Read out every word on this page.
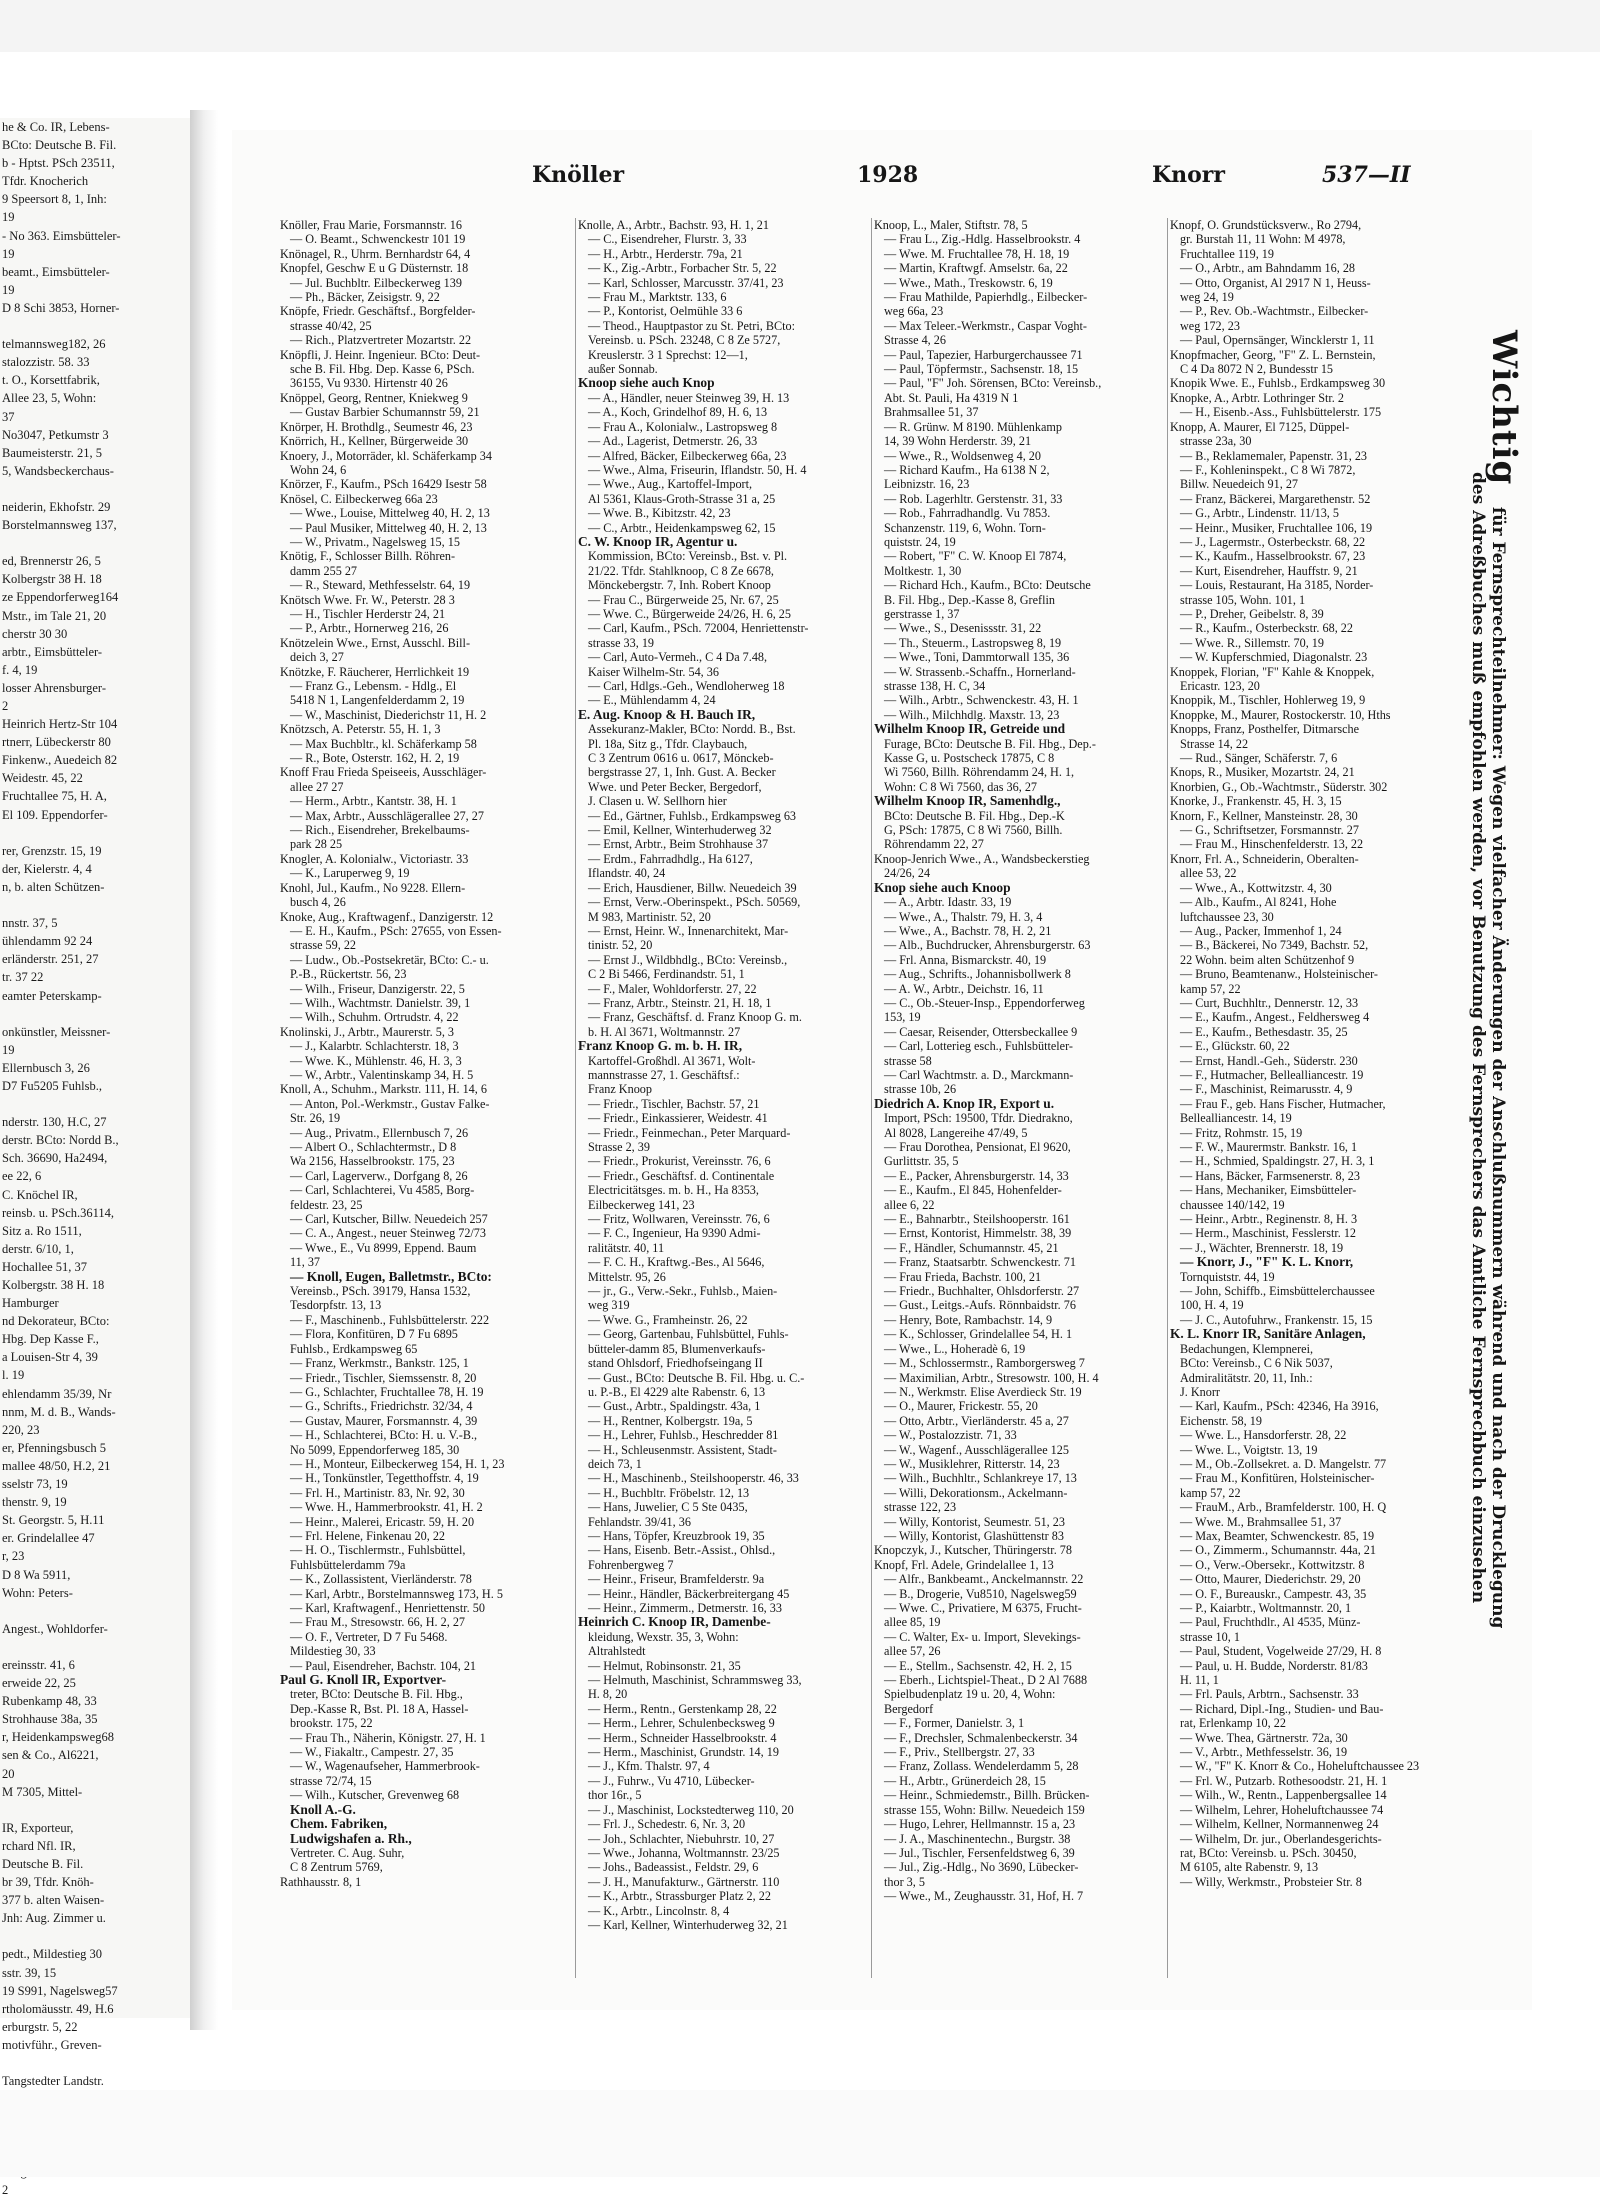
he & Co. IR, Lebens-
BCto: Deutsche B. Fil.
b - Hptst. PSch 23511,
Tfdr. Knocherich
9 Speersort 8, 1, Inh:
19
- No 363. Eimsbütteler-
19
beamt., Eimsbütteler-
19
D 8 Schi 3853, Horner-

telmannsweg182, 26
stalozzistr. 58. 33
t. O., Korsettfabrik,
Allee 23, 5, Wohn:
37
No3047, Petkumstr 3
Baumeisterstr. 21, 5
5, Wandsbeckerchaus-

neiderin, Ekhofstr. 29
Borstelmannsweg 137,

ed, Brennerstr 26, 5
Kolbergstr 38 H. 18
ze Eppendorferweg164
Mstr., im Tale 21, 20
cherstr 30 30
arbtr., Eimsbütteler-
f. 4, 19
losser Ahrensburger-
2
Heinrich Hertz-Str 104
rtnerr, Lübeckerstr 80
Finkenw., Auedeich 82
Weidestr. 45, 22
Fruchtallee 75, H. A,
El 109. Eppendorfer-

rer, Grenzstr. 15, 19
der, Kielerstr. 4, 4
n, b. alten Schützen-

nnstr. 37, 5
ühlendamm 92 24
erländerstr. 251, 27
tr. 37 22
eamter Peterskamp-

onkünstler, Meissner-
19
Ellernbusch 3, 26
D7 Fu5205 Fuhlsb.,

nderstr. 130, H.C, 27
derstr. BCto: Nordd B.,
Sch. 36690, Ha2494,
ee 22, 6
C. Knöchel IR,
reinsb. u. PSch.36114,
Sitz a. Ro 1511,
derstr. 6/10, 1,
Hochallee 51, 37
Kolbergstr. 38 H. 18
Hamburger
nd Dekorateur, BCto:
Hbg. Dep Kasse F.,
a Louisen-Str 4, 39
l. 19
ehlendamm 35/39, Nr
nnm, M. d. B., Wands-
220, 23
er, Pfenningsbusch 5
mallee 48/50, H.2, 21
sselstr 73, 19
thenstr. 9, 19
St. Georgstr. 5, H.11
er. Grindelallee 47
r, 23
D 8 Wa 5911,
Wohn: Peters-

Angest., Wohldorfer-

ereinsstr. 41, 6
erweide 22, 25
Rubenkamp 48, 33
Strohhause 38a, 35
r, Heidenkampsweg68
sen & Co., Al6221,
20
M 7305, Mittel-

IR, Exporteur,
rchard Nfl. IR,
Deutsche B. Fil.
br 39, Tfdr. Knöh-
377 b. alten Waisen-
Jnh: Aug. Zimmer u.

pedt., Mildestieg 30
sstr. 39, 15
19 S991, Nagelsweg57
rtholomäusstr. 49, H.6
erburgstr. 5, 22
motivführ., Greven-

Tangstedter Landstr.
2
Knöller	1928	Knorr	537—II
Knöller, Frau Marie, Forsmannstr. 16
— O. Beamt., Schwenckestr 101 19
Knönagel, R., Uhrm. Bernhardstr 64, 4
Knopfel, Geschw E u G Düsternstr. 18
— Jul. Buchbltr. Eilbeckerweg 139
— Ph., Bäcker, Zeisigstr. 9, 22
Knöpfe, Friedr. Geschäftsf., Borgfelder-
strasse 40/42, 25
— Rich., Platzvertreter Mozartstr. 22
Knöpfli, J. Heinr. Ingenieur. BCto: Deut-
sche B. Fil. Hbg. Dep. Kasse 6, PSch.
36155, Vu 9330. Hirtenstr 40 26
Knöppel, Georg, Rentner, Kniekweg 9
— Gustav Barbier Schumannstr 59, 21
Knörper, H. Brothdlg., Seumestr 46, 23
Knörrich, H., Kellner, Bürgerweide 30
Knoery, J., Motorräder, kl. Schäferkamp 34
Wohn 24, 6
Knörzer, F., Kaufm., PSch 16429 Isestr 58
Knösel, C. Eilbeckerweg 66a 23
— Wwe., Louise, Mittelweg 40, H. 2, 13
— Paul Musiker, Mittelweg 40, H. 2, 13
— W., Privatm., Nagelsweg 15, 15
Knötig, F., Schlosser Billh. Röhren-
damm 255 27
— R., Steward, Methfesselstr. 64, 19
Knötsch Wwe. Fr. W., Peterstr. 28 3
— H., Tischler Herderstr 24, 21
— P., Arbtr., Hornerweg 216, 26
Knötzelein Wwe., Ernst, Ausschl. Bill-
deich 3, 27
Knötzke, F. Räucherer, Herrlichkeit 19
— Franz G., Lebensm. - Hdlg., El
5418 N 1, Langenfelderdamm 2, 19
— W., Maschinist, Diederichstr 11, H. 2
Knötzsch, A. Peterstr. 55, H. 1, 3
— Max Buchbltr., kl. Schäferkamp 58
— R., Bote, Osterstr. 162, H. 2, 19
Knoff Frau Frieda Speiseeis, Ausschläger-
allee 27 27
— Herm., Arbtr., Kantstr. 38, H. 1
— Max, Arbtr., Ausschlägerallee 27, 27
— Rich., Eisendreher, Brekelbaums-
park 28 25
Knogler, A. Kolonialw., Victoriastr. 33
— K., Laruperweg 9, 19
Knohl, Jul., Kaufm., No 9228. Ellern-
busch 4, 26
Knoke, Aug., Kraftwagenf., Danzigerstr. 12
— E. H., Kaufm., PSch: 27655, von Essen-
strasse 59, 22
— Ludw., Ob.-Postsekretär, BCto: C.- u.
P.-B., Rückertstr. 56, 23
— Wilh., Friseur, Danzigerstr. 22, 5
— Wilh., Wachtmstr. Danielstr. 39, 1
— Wilh., Schuhm. Ortrudstr. 4, 22
Knolinski, J., Arbtr., Maurerstr. 5, 3
— J., Kalarbtr. Schlachterstr. 18, 3
— Wwe. K., Mühlenstr. 46, H. 3, 3
— W., Arbtr., Valentinskamp 34, H. 5
Knoll, A., Schuhm., Markstr. 111, H. 14, 6
— Anton, Pol.-Werkmstr., Gustav Falke-
Str. 26, 19
— Aug., Privatm., Ellernbusch 7, 26
— Albert O., Schlachtermstr., D 8
Wa 2156, Hasselbrookstr. 175, 23
— Carl, Lagerverw., Dorfgang 8, 26
— Carl, Schlachterei, Vu 4585, Borg-
feldestr. 23, 25
— Carl, Kutscher, Billw. Neuedeich 257
— C. A., Angest., neuer Steinweg 72/73
— Wwe., E., Vu 8999, Eppend. Baum
11, 37
— Knoll, Eugen, Balletmstr., BCto:
Vereinsb., PSch. 39179, Hansa 1532,
Tesdorpfstr. 13, 13
— F., Maschinenb., Fuhlsbüttelerstr. 222
— Flora, Konfitüren, D 7 Fu 6895
Fuhlsb., Erdkampsweg 65
— Franz, Werkmstr., Bankstr. 125, 1
— Friedr., Tischler, Siemssenstr. 8, 20
— G., Schlachter, Fruchtallee 78, H. 19
— G., Schrifts., Friedrichstr. 32/34, 4
— Gustav, Maurer, Forsmannstr. 4, 39
— H., Schlachterei, BCto: H. u. V.-B.,
No 5099, Eppendorferweg 185, 30
— H., Monteur, Eilbeckerweg 154, H. 1, 23
— H., Tonkünstler, Tegetthoffstr. 4, 19
— Frl. H., Martinistr. 83, Nr. 92, 30
— Wwe. H., Hammerbrookstr. 41, H. 2
— Heinr., Malerei, Ericastr. 59, H. 20
— Frl. Helene, Finkenau 20, 22
— H. O., Tischlermstr., Fuhlsbüttel,
Fuhlsbüttelerdamm 79a
— K., Zollassistent, Vierländerstr. 78
— Karl, Arbtr., Borstelmannsweg 173, H. 5
— Karl, Kraftwagenf., Henriettenstr. 50
— Frau M., Stresowstr. 66, H. 2, 27
— O. F., Vertreter, D 7 Fu 5468.
Mildestieg 30, 33
— Paul, Eisendreher, Bachstr. 104, 21
Paul G. Knoll IR, Exportver-
treter, BCto: Deutsche B. Fil. Hbg.,
Dep.-Kasse R, Bst. Pl. 18 A, Hassel-
brookstr. 175, 22
— Frau Th., Näherin, Königstr. 27, H. 1
— W., Fiakaltr., Campestr. 27, 35
— W., Wagenaufseher, Hammerbrook-
strasse 72/74, 15
— Wilh., Kutscher, Grevenweg 68
Knoll A.-G.
Chem. Fabriken,
Ludwigshafen a. Rh.,
Vertreter. C. Aug. Suhr,
C 8 Zentrum 5769,
Rathhausstr. 8, 1
Knolle, A., Arbtr., Bachstr. 93, H. 1, 21
— C., Eisendreher, Flurstr. 3, 33
— H., Arbtr., Herderstr. 79a, 21
— K., Zig.-Arbtr., Forbacher Str. 5, 22
— Karl, Schlosser, Marcusstr. 37/41, 23
— Frau M., Marktstr. 133, 6
— P., Kontorist, Oelmühle 33 6
— Theod., Hauptpastor zu St. Petri, BCto:
Vereinsb. u. PSch. 23248, C 8 Ze 5727,
Kreuslerstr. 3 1 Sprechst: 12—1,
außer Sonnab.
Knoop siehe auch Knop
— A., Händler, neuer Steinweg 39, H. 13
— A., Koch, Grindelhof 89, H. 6, 13
— Frau A., Kolonialw., Lastropsweg 8
— Ad., Lagerist, Detmerstr. 26, 33
— Alfred, Bäcker, Eilbeckerweg 66a, 23
— Wwe., Alma, Friseurin, Iflandstr. 50, H. 4
— Wwe., Aug., Kartoffel-Import,
Al 5361, Klaus-Groth-Strasse 31 a, 25
— Wwe. B., Kibitzstr. 42, 23
— C., Arbtr., Heidenkampsweg 62, 15
C. W. Knoop IR, Agentur u.
Kommission, BCto: Vereinsb., Bst. v. Pl.
21/22. Tfdr. Stahlknoop, C 8 Ze 6678,
Mönckebergstr. 7, Inh. Robert Knoop
— Frau C., Bürgerweide 25, Nr. 67, 25
— Wwe. C., Bürgerweide 24/26, H. 6, 25
— Carl, Kaufm., PSch. 72004, Henriettenstr-
strasse 33, 19
— Carl, Auto-Vermeh., C 4 Da 7.48,
Kaiser Wilhelm-Str. 54, 36
— Carl, Hdlgs.-Geh., Wendloherweg 18
— E., Mühlendamm 4, 24
E. Aug. Knoop & H. Bauch IR,
Assekuranz-Makler, BCto: Nordd. B., Bst.
Pl. 18a, Sitz g., Tfdr. Claybauch,
C 3 Zentrum 0616 u. 0617, Mönckeb-
bergstrasse 27, 1, Inh. Gust. A. Becker
Wwe. und Peter Becker, Bergedorf,
J. Clasen u. W. Sellhorn hier
— Ed., Gärtner, Fuhlsb., Erdkampsweg 63
— Emil, Kellner, Winterhuderweg 32
— Ernst, Arbtr., Beim Strohhause 37
— Erdm., Fahrradhdlg., Ha 6127,
Iflandstr. 40, 24
— Erich, Hausdiener, Billw. Neuedeich 39
— Ernst, Verw.-Oberinspekt., PSch. 50569,
M 983, Martinistr. 52, 20
— Ernst, Heinr. W., Innenarchitekt, Mar-
tinistr. 52, 20
— Ernst J., Wildbhdlg., BCto: Vereinsb.,
C 2 Bi 5466, Ferdinandstr. 51, 1
— F., Maler, Wohldorferstr. 27, 22
— Franz, Arbtr., Steinstr. 21, H. 18, 1
— Franz, Geschäftsf. d. Franz Knoop G. m.
b. H. Al 3671, Woltmannstr. 27
Franz Knoop G. m. b. H. IR,
Kartoffel-Großhdl. Al 3671, Wolt-
mannstrasse 27, 1. Geschäftsf.:
Franz Knoop
— Friedr., Tischler, Bachstr. 57, 21
— Friedr., Einkassierer, Weidestr. 41
— Friedr., Feinmechan., Peter Marquard-
Strasse 2, 39
— Friedr., Prokurist, Vereinsstr. 76, 6
— Friedr., Geschäftsf. d. Continentale
Electricitätsges. m. b. H., Ha 8353,
Eilbeckerweg 141, 23
— Fritz, Wollwaren, Vereinsstr. 76, 6
— F. C., Ingenieur, Ha 9390 Admi-
ralitätstr. 40, 11
— F. C. H., Kraftwg.-Bes., Al 5646,
Mittelstr. 95, 26
— jr., G., Verw.-Sekr., Fuhlsb., Maien-
weg 319
— Wwe. G., Framheinstr. 26, 22
— Georg, Gartenbau, Fuhlsbüttel, Fuhls-
bütteler-damm 85, Blumenverkaufs-
stand Ohlsdorf, Friedhofseingang II
— Gust., BCto: Deutsche B. Fil. Hbg. u. C.-
u. P.-B., El 4229 alte Rabenstr. 6, 13
— Gust., Arbtr., Spaldingstr. 43a, 1
— H., Rentner, Kolbergstr. 19a, 5
— H., Lehrer, Fuhlsb., Heschredder 81
— H., Schleusenmstr. Assistent, Stadt-
deich 73, 1
— H., Maschinenb., Steilshooperstr. 46, 33
— H., Buchbltr. Fröbelstr. 12, 13
— Hans, Juwelier, C 5 Ste 0435,
Fehlandstr. 39/41, 36
— Hans, Töpfer, Kreuzbrook 19, 35
— Hans, Eisenb. Betr.-Assist., Ohlsd.,
Fohrenbergweg 7
— Heinr., Friseur, Bramfelderstr. 9a
— Heinr., Händler, Bäckerbreitergang 45
— Heinr., Zimmerm., Detmerstr. 16, 33
Heinrich C. Knoop IR, Damenbe-
kleidung, Wexstr. 35, 3, Wohn:
Altrahlstedt
— Helmut, Robinsonstr. 21, 35
— Helmuth, Maschinist, Schrammsweg 33,
H. 8, 20
— Herm., Rentn., Gerstenkamp 28, 22
— Herm., Lehrer, Schulenbecksweg 9
— Herm., Schneider Hasselbrookstr. 4
— Herm., Maschinist, Grundstr. 14, 19
— J., Kfm. Thalstr. 97, 4
— J., Fuhrw., Vu 4710, Lübecker-
thor 16r., 5
— J., Maschinist, Lockstedterweg 110, 20
— Frl. J., Schedestr. 6, Nr. 3, 20
— Joh., Schlachter, Niebuhrstr. 10, 27
— Wwe., Johanna, Woltmannstr. 23/25
— Johs., Badeassist., Feldstr. 29, 6
— J. H., Manufakturw., Gärtnerstr. 110
— K., Arbtr., Strassburger Platz 2, 22
— K., Arbtr., Lincolnstr. 8, 4
— Karl, Kellner, Winterhuderweg 32, 21
Knoop, L., Maler, Stiftstr. 78, 5
— Frau L., Zig.-Hdlg. Hasselbrookstr. 4
— Wwe. M. Fruchtallee 78, H. 18, 19
— Martin, Kraftwgf. Amselstr. 6a, 22
— Wwe., Math., Treskowstr. 6, 19
— Frau Mathilde, Papierhdlg., Eilbecker-
weg 66a, 23
— Max Teleer.-Werkmstr., Caspar Voght-
Strasse 4, 26
— Paul, Tapezier, Harburgerchaussee 71
— Paul, Töpfermstr., Sachsenstr. 18, 15
— Paul, "F" Joh. Sörensen, BCto: Vereinsb.,
Abt. St. Pauli, Ha 4319 N 1
Brahmsallee 51, 37
— R. Grünw. M 8190. Mühlenkamp
14, 39 Wohn Herderstr. 39, 21
— Wwe., R., Woldsenweg 4, 20
— Richard Kaufm., Ha 6138 N 2,
Leibnizstr. 16, 23
— Rob. Lagerhltr. Gerstenstr. 31, 33
— Rob., Fahrradhandlg. Vu 7853.
Schanzenstr. 119, 6, Wohn. Torn-
quiststr. 24, 19
— Robert, "F" C. W. Knoop El 7874,
Moltkestr. 1, 30
— Richard Hch., Kaufm., BCto: Deutsche
B. Fil. Hbg., Dep.-Kasse 8, Greflin
gerstrasse 1, 37
— Wwe., S., Desenissstr. 31, 22
— Th., Steuerm., Lastropsweg 8, 19
— Wwe., Toni, Dammtorwall 135, 36
— W. Strassenb.-Schaffn., Hornerland-
strasse 138, H. C, 34
— Wilh., Arbtr., Schwenckestr. 43, H. 1
— Wilh., Milchhdlg. Maxstr. 13, 23
Wilhelm Knoop IR, Getreide und
Furage, BCto: Deutsche B. Fil. Hbg., Dep.-
Kasse G, u. Postscheck 17875, C 8
Wi 7560, Billh. Röhrendamm 24, H. 1,
Wohn: C 8 Wi 7560, das 36, 27
Wilhelm Knoop IR, Samenhdlg.,
BCto: Deutsche B. Fil. Hbg., Dep.-K
G, PSch: 17875, C 8 Wi 7560, Billh.
Röhrendamm 22, 27
Knoop-Jenrich Wwe., A., Wandsbeckerstieg
24/26, 24
Knop siehe auch Knoop
— A., Arbtr. Idastr. 33, 19
— Wwe., A., Thalstr. 79, H. 3, 4
— Wwe., A., Bachstr. 78, H. 2, 21
— Alb., Buchdrucker, Ahrensburgerstr. 63
— Frl. Anna, Bismarckstr. 40, 19
— Aug., Schrifts., Johannisbollwerk 8
— A. W., Arbtr., Deichstr. 16, 11
— C., Ob.-Steuer-Insp., Eppendorferweg
153, 19
— Caesar, Reisender, Ottersbeckallee 9
— Carl, Lotterieg esch., Fuhlsbütteler-
strasse 58
— Carl Wachtmstr. a. D., Marckmann-
strasse 10b, 26
Diedrich A. Knop IR, Export u.
Import, PSch: 19500, Tfdr. Diedrakno,
Al 8028, Langereihe 47/49, 5
— Frau Dorothea, Pensionat, El 9620,
Gurlittstr. 35, 5
— E., Packer, Ahrensburgerstr. 14, 33
— E., Kaufm., El 845, Hohenfelder-
allee 6, 22
— E., Bahnarbtr., Steilshooperstr. 161
— Ernst, Kontorist, Himmelstr. 38, 39
— F., Händler, Schumannstr. 45, 21
— Franz, Staatsarbtr. Schwenckestr. 71
— Frau Frieda, Bachstr. 100, 21
— Friedr., Buchhalter, Ohlsdorferstr. 27
— Gust., Leitgs.-Aufs. Rönnbaidstr. 76
— Henry, Bote, Rambachstr. 14, 9
— K., Schlosser, Grindelallee 54, H. 1
— Wwe., L., Hoheradè 6, 19
— M., Schlossermstr., Ramborgersweg 7
— Maximilian, Arbtr., Stresowstr. 100, H. 4
— N., Werkmstr. Elise Averdieck Str. 19
— O., Maurer, Frickestr. 55, 20
— Otto, Arbtr., Vierländerstr. 45 a, 27
— W., Postalozzistr. 71, 33
— W., Wagenf., Ausschlägerallee 125
— W., Musiklehrer, Ritterstr. 14, 23
— Wilh., Buchhltr., Schlankreye 17, 13
— Willi, Dekorationsm., Ackelmann-
strasse 122, 23
— Willy, Kontorist, Seumestr. 51, 23
— Willy, Kontorist, Glashüttenstr 83
Knopczyk, J., Kutscher, Thüringerstr. 78
Knopf, Frl. Adele, Grindelallee 1, 13
— Alfr., Bankbeamt., Anckelmannstr. 22
— B., Drogerie, Vu8510, Nagelsweg59
— Wwe. C., Privatiere, M 6375, Frucht-
allee 85, 19
— C. Walter, Ex- u. Import, Slevekings-
allee 57, 26
— E., Stellm., Sachsenstr. 42, H. 2, 15
— Eberh., Lichtspiel-Theat., D 2 Al 7688
Spielbudenplatz 19 u. 20, 4, Wohn:
Bergedorf
— F., Former, Danielstr. 3, 1
— F., Drechsler, Schmalenbeckerstr. 34
— F., Priv., Stellbergstr. 27, 33
— Franz, Zollass. Wendelerdamm 5, 28
— H., Arbtr., Grünerdeich 28, 15
— Heinr., Schmiedemstr., Billh. Brücken-
strasse 155, Wohn: Billw. Neuedeich 159
— Hugo, Lehrer, Hellmannstr. 15 a, 23
— J. A., Maschinentechn., Burgstr. 38
— Jul., Tischler, Fersenfeldstweg 6, 39
— Jul., Zig.-Hdlg., No 3690, Lübecker-
thor 3, 5
— Wwe., M., Zeughausstr. 31, Hof, H. 7
Knopf, O. Grundstücksverw., Ro 2794,
gr. Burstah 11, 11 Wohn: M 4978,
Fruchtallee 119, 19
— O., Arbtr., am Bahndamm 16, 28
— Otto, Organist, Al 2917 N 1, Heuss-
weg 24, 19
— P., Rev. Ob.-Wachtmstr., Eilbecker-
weg 172, 23
— Paul, Opernsänger, Wincklerstr 1, 11
Knopfmacher, Georg, "F" Z. L. Bernstein,
C 4 Da 8072 N 2, Bundesstr 15
Knopik Wwe. E., Fuhlsb., Erdkampsweg 30
Knopke, A., Arbtr. Lothringer Str. 2
— H., Eisenb.-Ass., Fuhlsbüttelerstr. 175
Knopp, A. Maurer, El 7125, Düppel-
strasse 23a, 30
— B., Reklamemaler, Papenstr. 31, 23
— F., Kohleninspekt., C 8 Wi 7872,
Billw. Neuedeich 91, 27
— Franz, Bäckerei, Margarethenstr. 52
— G., Arbtr., Lindenstr. 11/13, 5
— Heinr., Musiker, Fruchtallee 106, 19
— J., Lagermstr., Osterbeckstr. 68, 22
— K., Kaufm., Hasselbrookstr. 67, 23
— Kurt, Eisendreher, Hauffstr. 9, 21
— Louis, Restaurant, Ha 3185, Norder-
strasse 105, Wohn. 101, 1
— P., Dreher, Geibelstr. 8, 39
— R., Kaufm., Osterbeckstr. 68, 22
— Wwe. R., Sillemstr. 70, 19
— W. Kupferschmied, Diagonalstr. 23
Knoppek, Florian, "F" Kahle & Knoppek,
Ericastr. 123, 20
Knoppik, M., Tischler, Hohlerweg 19, 9
Knoppke, M., Maurer, Rostockerstr. 10, Hths
Knopps, Franz, Posthelfer, Ditmarsche
Strasse 14, 22
— Rud., Sänger, Schäferstr. 7, 6
Knops, R., Musiker, Mozartstr. 24, 21
Knorbien, G., Ob.-Wachtmstr., Süderstr. 302
Knorke, J., Frankenstr. 45, H. 3, 15
Knorn, F., Kellner, Mansteinstr. 28, 30
— G., Schriftsetzer, Forsmannstr. 27
— Frau M., Hinschenfelderstr. 13, 22
Knorr, Frl. A., Schneiderin, Oberalten-
allee 53, 22
— Wwe., A., Kottwitzstr. 4, 30
— Alb., Kaufm., Al 8241, Hohe
luftchaussee 23, 30
— Aug., Packer, Immenhof 1, 24
— B., Bäckerei, No 7349, Bachstr. 52,
22 Wohn. beim alten Schützenhof 9
— Bruno, Beamtenanw., Holsteinischer-
kamp 57, 22
— Curt, Buchhltr., Dennerstr. 12, 33
— E., Kaufm., Angest., Feldhersweg 4
— E., Kaufm., Bethesdastr. 35, 25
— E., Glückstr. 60, 22
— Ernst, Handl.-Geh., Süderstr. 230
— F., Hutmacher, Bellealliancestr. 19
— F., Maschinist, Reimarusstr. 4, 9
— Frau F., geb. Hans Fischer, Hutmacher,
Bellealliancestr. 14, 19
— Fritz, Rohmstr. 15, 19
— F. W., Maurermstr. Bankstr. 16, 1
— H., Schmied, Spaldingstr. 27, H. 3, 1
— Hans, Bäcker, Farmsenerstr. 8, 23
— Hans, Mechaniker, Eimsbütteler-
chaussee 140/142, 19
— Heinr., Arbtr., Reginenstr. 8, H. 3
— Herm., Maschinist, Fesslerstr. 12
— J., Wächter, Brennerstr. 18, 19
— Knorr, J., "F" K. L. Knorr,
Tornquiststr. 44, 19
— John, Schiffb., Eimsbüttelerchaussee
100, H. 4, 19
— J. C., Autofuhrw., Frankenstr. 15, 15
K. L. Knorr IR, Sanitäre Anlagen,
Bedachungen, Klempnerei,
BCto: Vereinsb., C 6 Nik 5037,
Admiralitätstr. 20, 11, Inh.:
J. Knorr
— Karl, Kaufm., PSch: 42346, Ha 3916,
Eichenstr. 58, 19
— Wwe. L., Hansdorferstr. 28, 22
— Wwe. L., Voigtstr. 13, 19
— M., Ob.-Zollsekret. a. D. Mangelstr. 77
— Frau M., Konfitüren, Holsteinischer-
kamp 57, 22
— FrauM., Arb., Bramfelderstr. 100, H. Q
— Wwe. M., Brahmsallee 51, 37
— Max, Beamter, Schwenckestr. 85, 19
— O., Zimmerm., Schumannstr. 44a, 21
— O., Verw.-Obersekr., Kottwitzstr. 8
— Otto, Maurer, Diederichstr. 29, 20
— O. F., Bureauskr., Campestr. 43, 35
— P., Kaiarbtr., Woltmannstr. 20, 1
— Paul, Fruchthdlr., Al 4535, Münz-
strasse 10, 1
— Paul, Student, Vogelweide 27/29, H. 8
— Paul, u. H. Budde, Norderstr. 81/83
H. 11, 1
— Frl. Pauls, Arbtrn., Sachsenstr. 33
— Richard, Dipl.-Ing., Studien- und Bau-
rat, Erlenkamp 10, 22
— Wwe. Thea, Gärtnerstr. 72a, 30
— V., Arbtr., Methfesselstr. 36, 19
— W., "F" K. Knorr & Co., Hoheluftchaussee 23
— Frl. W., Putzarb. Rothesoodstr. 21, H. 1
— Wilh., W., Rentn., Lappenbergsallee 14
— Wilhelm, Lehrer, Hoheluftchaussee 74
— Wilhelm, Kellner, Normannenweg 24
— Wilhelm, Dr. jur., Oberlandesgerichts-
rat, BCto: Vereinsb. u. PSch. 30450,
M 6105, alte Rabenstr. 9, 13
— Willy, Werkmstr., Probsteier Str. 8
Wichtig für Fernsprechteilnehmer: Wegen vielfacher Änderungen der Anschlußnummern während und nach der Drucklegung
des Adreßbuches muß empfohlen werden, vor Benutzung des Fernsprechers das Amtliche Fernsprechbuch einzusehen
